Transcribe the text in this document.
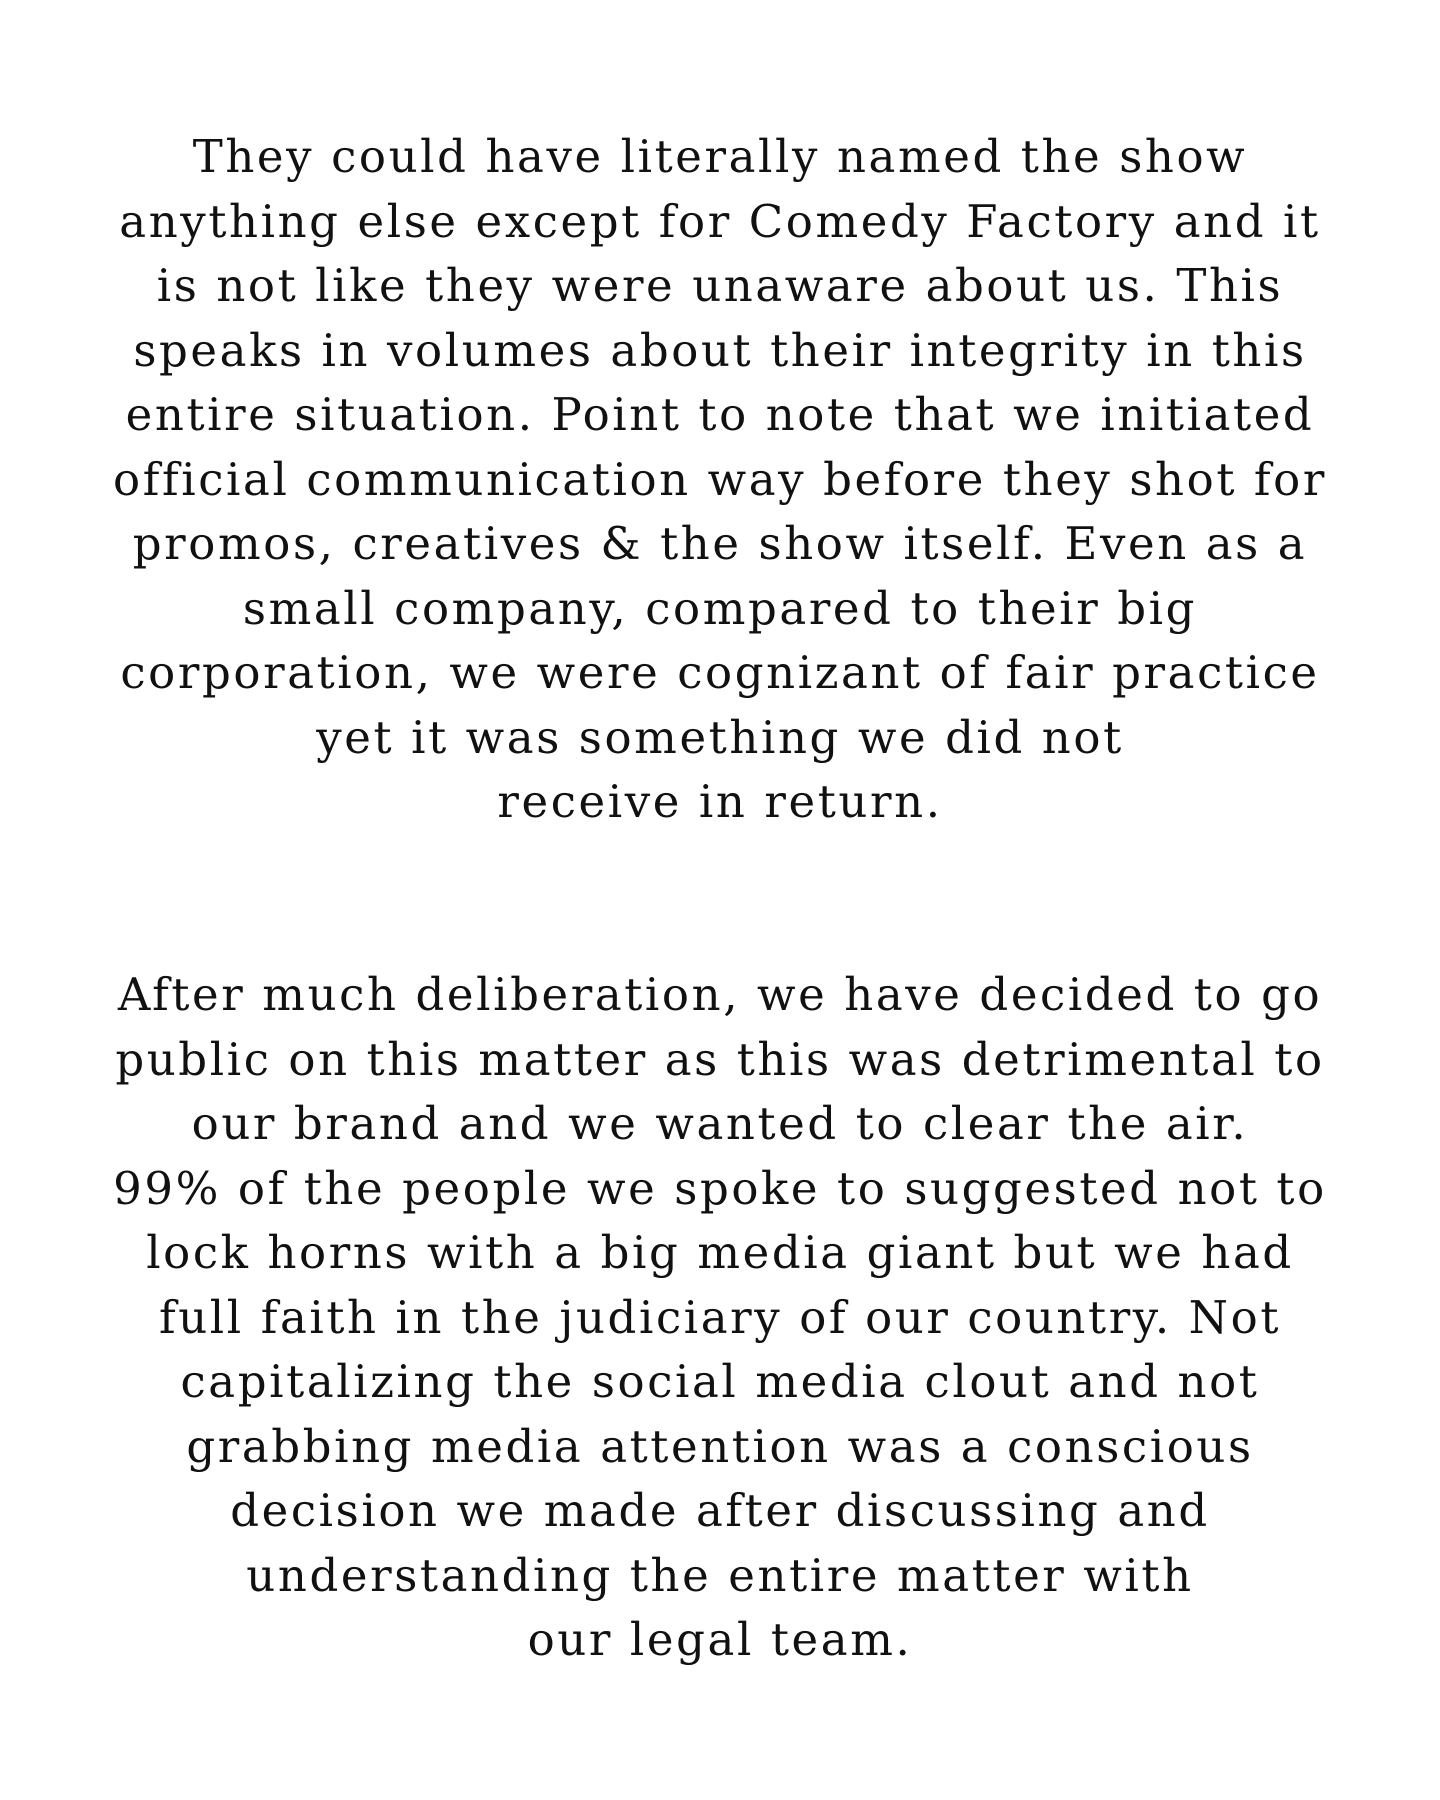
They could have literally named the show
anything else except for Comedy Factory and it
is not like they were unaware about us. This
speaks in volumes about their integrity in this
entire situation. Point to note that we initiated
official communication way before they shot for
promos, creatives & the show itself. Even as a
small company, compared to their big
corporation, we were cognizant of fair practice
yet it was something we did not
receive in return.
After much deliberation, we have decided to go
public on this matter as this was detrimental to
our brand and we wanted to clear the air.
99% of the people we spoke to suggested not to
lock horns with a big media giant but we had
full faith in the judiciary of our country. Not
capitalizing the social media clout and not
grabbing media attention was a conscious
decision we made after discussing and
understanding the entire matter with
our legal team.
